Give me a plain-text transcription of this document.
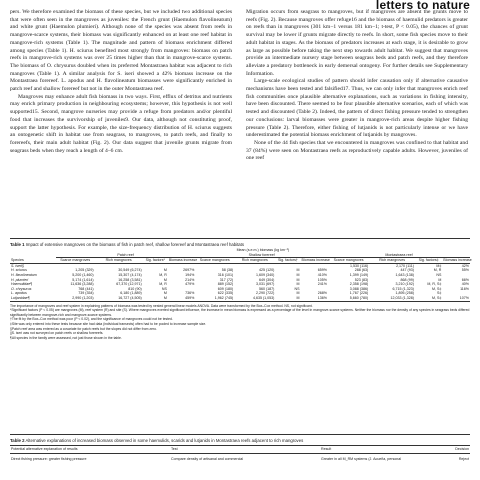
letters to nature

pers. We therefore examined the biomass of these species, but we included two additional species that were often seen in the mangroves as juveniles: the French grunt (Haemulon flavolineatum) and white grunt (Haemulon plumieri). Although none of the species was absent from reefs in mangrove-scarce systems, their biomass was significantly enhanced on at least one reef habitat in mangrove-rich systems (Table 1). The magnitude and pattern of biomass enrichment differed among species (Table 1). H. sciurus benefited most strongly from mangroves: biomass on patch reefs in mangrove-rich systems was over 25 times higher than that in mangrove-scarce systems. The biomass of O. chrysurus doubled when its preferred Montastraea habitat was adjacent to rich mangroves (Table 1). A similar analysis for S. iseri showed a 42% biomass increase on the Montastraea forereef. L. apodus and H. flavolineatum biomasses were significantly enriched in patch reef and shallow forereef but not in the outer Montastraea reef.

Mangroves may enhance adult fish biomass in two ways. First, efflux of detritus and nutrients may enrich primary production in neighbouring ecosystems; however, this hypothesis is not well supported15. Second, mangrove nurseries may provide a refuge from predators and/or plentiful food that increases the survivorship of juveniles9. Our data, although not constituting proof, support the latter hypothesis. For example, the size-frequency distribution of H. sciurus suggests an ontogenetic shift in habitat use from seagrass, to mangroves, to patch reefs, and finally to forereefs, their main adult habitat (Fig. 2). Our data suggest that juvenile grunts migrate from seagrass beds when they reach a length of 4–6 cm.

Migration occurs from seagrass to mangroves, but if mangroves are absent the grunts move to reefs (Fig. 2). Because mangroves offer refuge16 and the biomass of haemulid predators is greater on reefs than in mangroves (301 km−1 versus 181 km−1; t-test, P < 0.05), the chances of grunt survival may be lower if grunts migrate directly to reefs. In short, some fish species move to their adult habitat in stages. As the biomass of predators increases at each stage, it is desirable to grow as large as possible before taking the next step towards adult habitat. We suggest that mangroves provide an intermediate nursery stage between seagrass beds and patch reefs, and they therefore alleviate a predatory bottleneck in early demersal ontogeny. For further details see Supplementary Information.

Large-scale ecological studies of pattern should infer causation only if alternative causative mechanisms have been tested and falsified17. Thus, we can only infer that mangroves enrich reef fish communities once plausible alternative explanations, such as variations in fishing intensity, have been discounted. There seemed to be four plausible alternative scenarios, each of which was tested and discounted (Table 2). Indeed, the pattern of direct fishing pressure tended to strengthen our conclusions: larval biomasses were greater in mangrove-rich areas despite higher fishing pressure (Table 2). Therefore, either fishing of lutjanids is not particularly intense or we have underestimated the potential biomass enrichment of lutjanids by mangroves.

None of the 44 fish species that we encountered in mangroves was confined to that habitat and 37 (84%) were seen on Montastraea reefs as reproductively capable adults. However, juveniles of one reef

Table 1 Impact of extensive mangroves on the biomass of fish in patch reef, shallow forereef and Montastraea reef habitats
	Mean (s.e.m.) biomass (kg km⁻²)											
	Patch reef				Shallow forereef				Montastraea reef			
Species	Scarce mangroves	Rich mangroves	Sig. factors*	Biomass increase	Scarce mangroves	Rich mangroves	Sig. factors†	Biomass increase	Scarce mangroves	Rich mangroves	Sig. factors‡	Biomass increase
S. iseri§									1,530 (116)	2,170 (111)	M‡	42%
H. sciurus	1,205 (329)	30,549 (6,274)	M	2697%	58 (38)	425 (120)	M	659%	288 (63)	447 (93)	M, R	55%
H. flavolineatum	5,200 (1,460)	15,307 (4,174)	M, R	194%	316 (101)	1,609 (340)	M	410%	1,399 (149)	1,643 (138)	NS	
H. plumieri	5,174 (1,614)	16,258 (3,581)	M	214%	317 (72)	649 (304)	M	105%	523 (83)	868 (99)	M	66%
Haemulidae¶	11,636 (3,288)	67,370 (12,971)	M, R	479%	889 (152)	3,031 (697)	M	241%	2,358 (198)	3,210 (192)	M, R, S‡	40%
O. chrysurus	768 (441)	810 (90)	NS		609 (180)	560 (187)	NS		3,088 (386)	6,715 (1,323)	M, S‡	116%
L. apodus	739 (354)	6,180 (1,889)	M	736%	622 (335)	2,290 (722)	M	268%	1,767 (226)	1,895 (258)	S‡	
Lutjanidae¶	2,990 (1,203)	16,727 (4,505)	M	459%	1,962 (745)	4,635 (1,053)	M	136%	5,660 (780)	12,033 (1,328)	M, S‡	107%
The importance of mangroves and reef system in explaining patterns of biomass was tested by nested general linear models ANOVA. Data were transformed by the Box–Cox method. NS, not significant.
*Significant factors (P < 0.05) are mangroves (M), reef system (R) and site (S). Where mangroves exerted significant influence, the increase in mean biomass is expressed as a percentage of the level in mangrove-scarce systems. Neither the biomass nor the density of any species in seagrass beds differed significantly between mangrove-rich and mangrove-scarce systems.
†The fit by the Box–Cox method was poor (P < 0.02), and the significance of mangroves could not be tested.
‡Site was only entered into these tests because site had data (individual transects) often had to be pooled to increase sample size.
§Patch reef area was entered as a covariate for patch reefs but the slopes did not differ from zero.
||S. iseri was not surveyed on patch reefs or shallow forereefs.
¶All species in the family were assessed, not just those shown in the table.
Table 2 Alternative explanations of increased biomass observed in some haemulids, scarids and lutjanids in Montastraea reefs adjacent to rich mangroves
Potential alternative explanation of results	Test	Result	Decision
Direct fishing pressure: greater fishing pressure	Compare density of artisanal and commercial	Greater in all M_RM systems (J. Acueña, personal	Reject
